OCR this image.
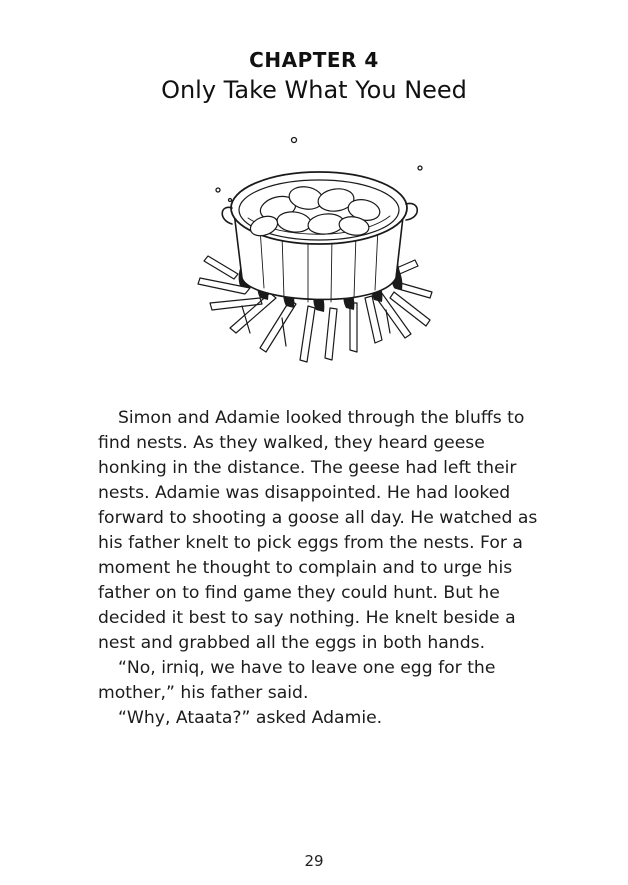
CHAPTER 4
Only Take What You Need

Simon and Adamie looked through the bluffs to find nests. As they walked, they heard geese honking in the distance. The geese had left their nests. Adamie was disappointed. He had looked forward to shooting a goose all day. He watched as his father knelt to pick eggs from the nests. For a moment he thought to complain and to urge his father on to find game they could hunt. But he decided it best to say nothing. He knelt beside a nest and grabbed all the eggs in both hands.

“No, irniq, we have to leave one egg for the mother,” his father said.

“Why, Ataata?” asked Adamie.

29
